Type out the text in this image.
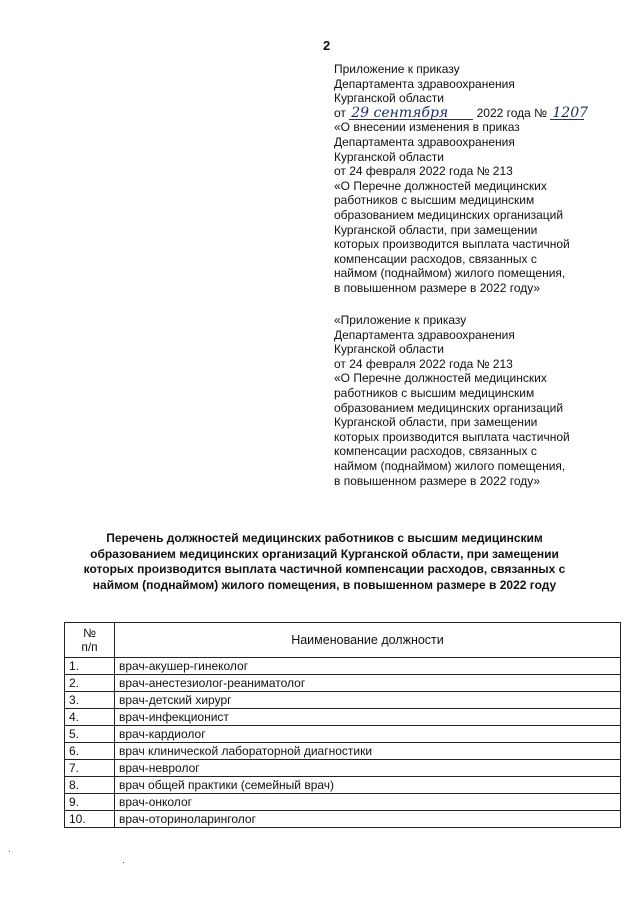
2
Приложение к приказу
Департамента здравоохранения
Курганской области
от 29 сентября 2022 года № 1207
«О внесении изменения в приказ
Департамента здравоохранения
Курганской области
от 24 февраля 2022 года № 213
«О Перечне должностей медицинских
работников с высшим медицинским
образованием медицинских организаций
Курганской области, при замещении
которых производится выплата частичной
компенсации расходов, связанных с
наймом (поднаймом) жилого помещения,
в повышенном размере в 2022 году»
«Приложение к приказу
Департамента здравоохранения
Курганской области
от 24 февраля 2022 года № 213
«О Перечне должностей медицинских
работников с высшим медицинским
образованием медицинских организаций
Курганской области, при замещении
которых производится выплата частичной
компенсации расходов, связанных с
наймом (поднаймом) жилого помещения,
в повышенном размере в 2022 году»
Перечень должностей медицинских работников с высшим медицинским
образованием медицинских организаций Курганской области, при замещении
которых производится выплата частичной компенсации расходов, связанных с
наймом (поднаймом) жилого помещения, в повышенном размере в 2022 году
№
п/п	Наименование должности
1.	врач-акушер-гинеколог
2.	врач-анестезиолог-реаниматолог
3.	врач-детский хирург
4.	врач-инфекционист
5.	врач-кардиолог
6.	врач клинической лабораторной диагностики
7.	врач-невролог
8.	врач общей практики (семейный врач)
9.	врач-онколог
10.	врач-оториноларинголог
ˎ
·
